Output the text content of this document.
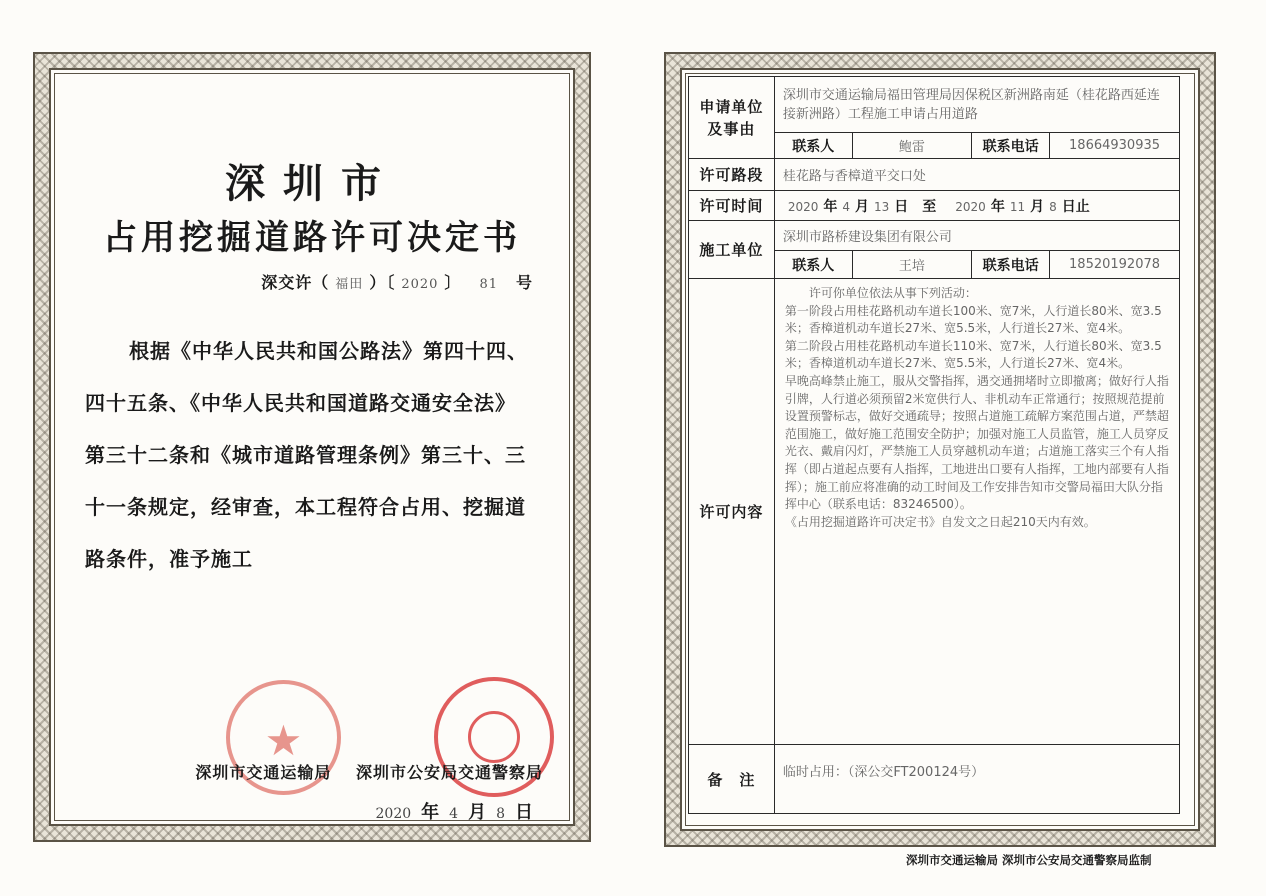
深圳市
占用挖掘道路许可决定书
深交许（ 福田 ）〔 2020 〕 81 号

根据《中华人民共和国公路法》第四十四、

四十五条、《中华人民共和国道路交通安全法》
第三十二条和《城市道路管理条例》第三十、三
十一条规定，经审查，本工程符合占用、挖掘道
路条件，准予施工
★
深圳市交通运输局 深圳市公安局交通警察局
2020 年 4 月 8 日
申请单位
及事由	深圳市交通运输局福田管理局因保税区新洲路南延（桂花路西延连接新洲路）工程施工申请占用道路			
	联系人	鲍雷	联系电话	18664930935
许可路段	桂花路与香樟道平交口处			
许可时间	2020 年 4 月 13 日 至 2020 年 11 月 8 日止			
施工单位	深圳市路桥建设集团有限公司			
	联系人	王培	联系电话	18520192078
许可内容	许可你单位依法从事下列活动：

第一阶段占用桂花路机动车道长100米、宽7米，人行道长80米、宽3.5米；香樟道机动车道长27米、宽5.5米，人行道长27米、宽4米。

第二阶段占用桂花路机动车道长110米、宽7米，人行道长80米、宽3.5米；香樟道机动车道长27米、宽5.5米，人行道长27米、宽4米。

早晚高峰禁止施工，服从交警指挥，遇交通拥堵时立即撤离；做好行人指引牌，人行道必须预留2米宽供行人、非机动车正常通行；按照规范提前设置预警标志，做好交通疏导；按照占道施工疏解方案范围占道，严禁超范围施工，做好施工范围安全防护；加强对施工人员监管，施工人员穿反光衣、戴肩闪灯，严禁施工人员穿越机动车道；占道施工落实三个有人指挥（即占道起点要有人指挥，工地进出口要有人指挥，工地内部要有人指挥）；施工前应将准确的动工时间及工作安排告知市交警局福田大队分指挥中心（联系电话：83246500）。

《占用挖掘道路许可决定书》自发文之日起210天内有效。			

备　注	临时占用：（深公交FT200124号）			
深圳市交通运输局 深圳市公安局交通警察局监制
